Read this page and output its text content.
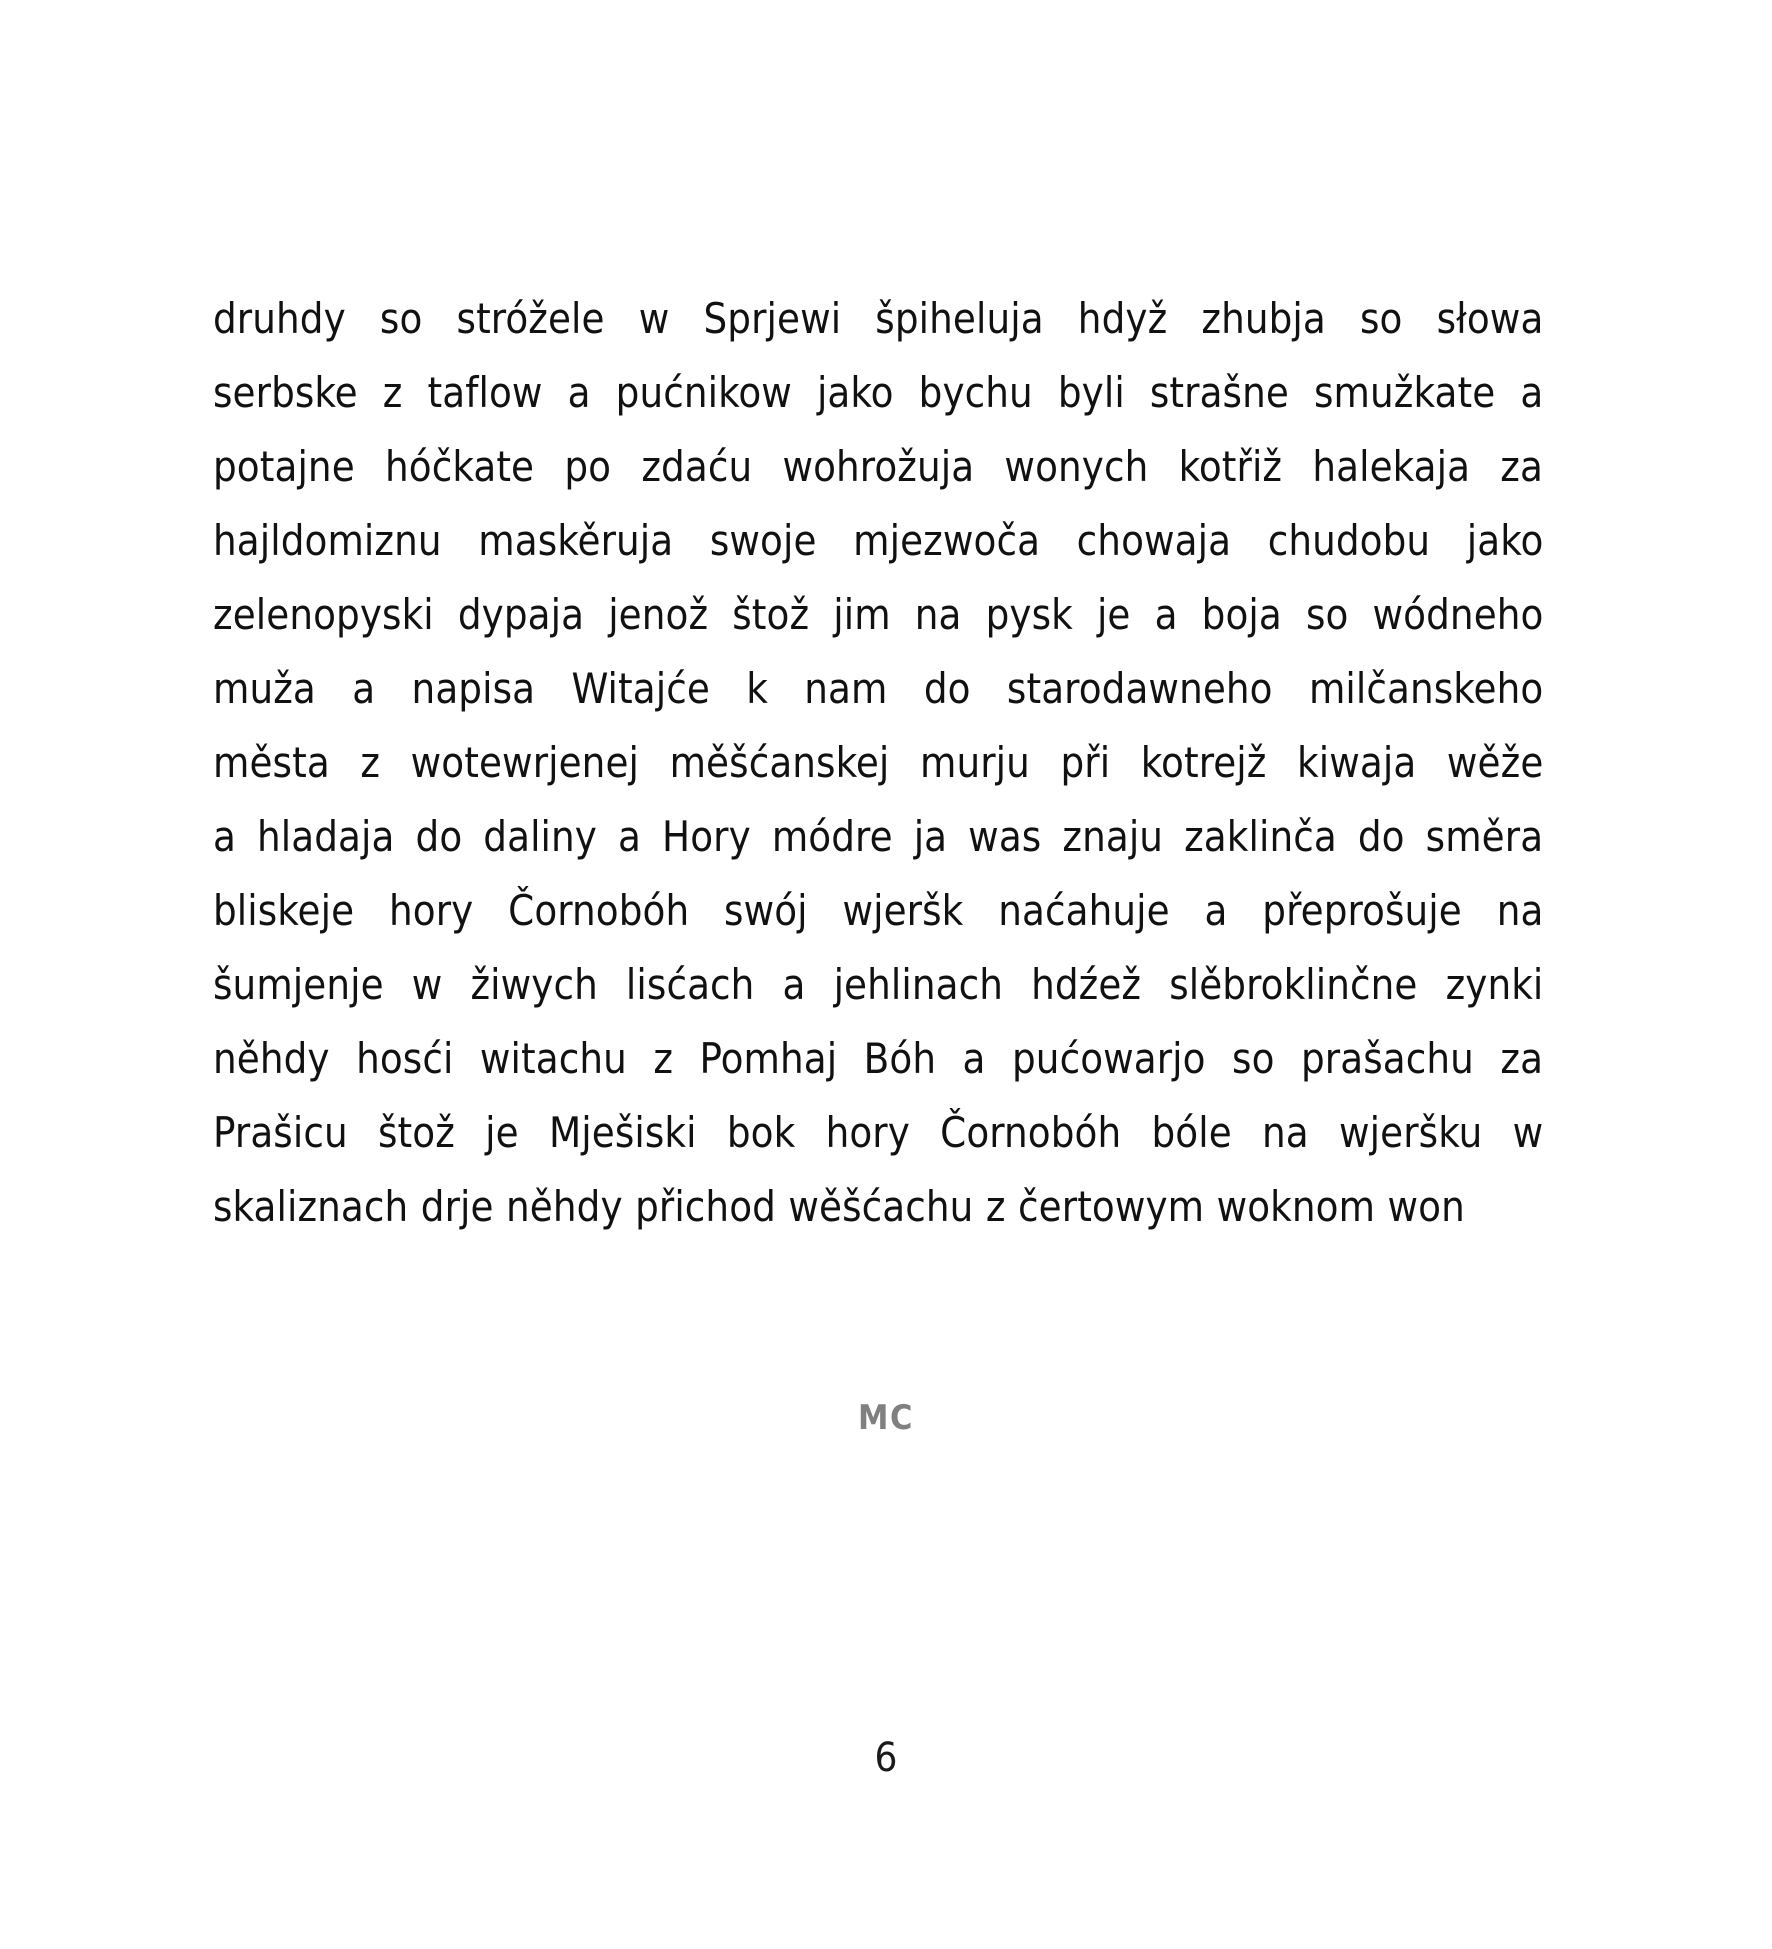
druhdy so stróžele w Sprjewi špiheluja hdyž zhubja so słowa
serbske z taflow a pućnikow jako bychu byli strašne smužkate a
potajne hóčkate po zdaću wohrožuja wonych kotřiž halekaja za
hajldomiznu maskěruja swoje mjezwoča chowaja chudobu jako
zelenopyski dypaja jenož štož jim na pysk je a boja so wódneho
muža a napisa Witajće k nam do starodawneho milčanskeho
města z wotewrjenej měšćanskej murju při kotrejž kiwaja wěže
a hladaja do daliny a Hory módre ja was znaju zaklinča do směra
bliskeje hory Čornobóh swój wjeršk naćahuje a přeprošuje na
šumjenje w žiwych lisćach a jehlinach hdźež slěbroklinčne zynki
něhdy hosći witachu z Pomhaj Bóh a pućowarjo so prašachu za
Prašicu štož je Mješiski bok hory Čornobóh bóle na wjeršku w
skaliznach drje něhdy přichod wěšćachu z čertowym woknom won
MC
6
